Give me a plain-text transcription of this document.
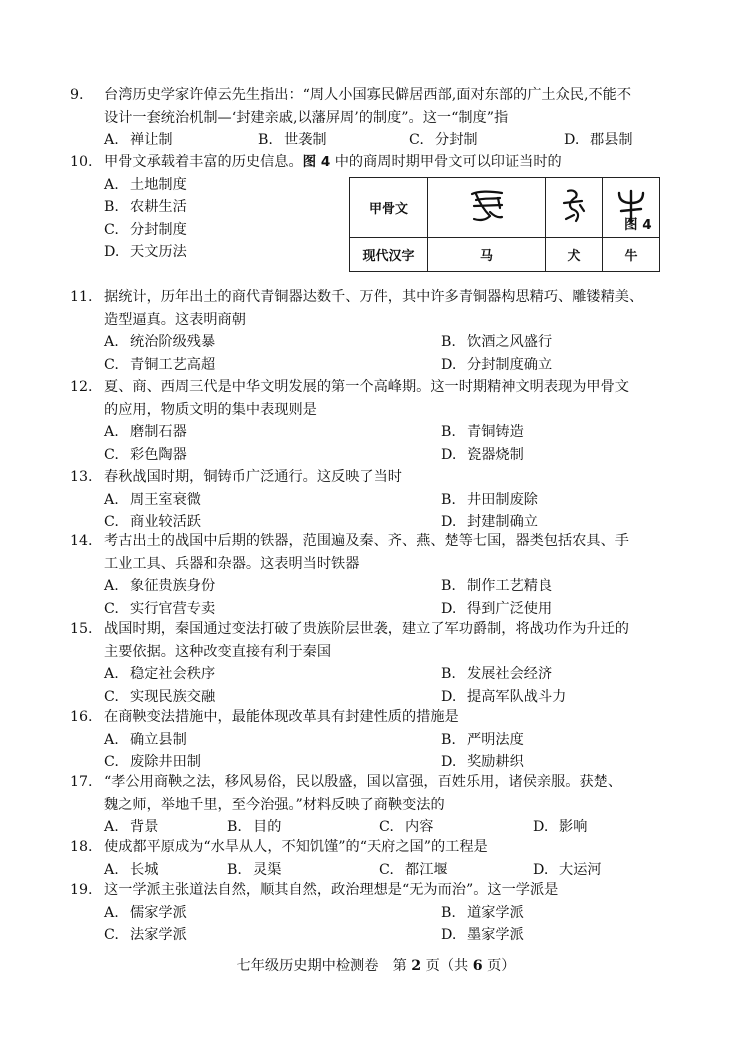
9. 台湾历史学家许倬云先生指出：“周人小国寡民僻居西部,面对东部的广土众民,不能不
设计一套统治机制—‘封建亲戚,以藩屏周’的制度”。这一“制度”指
A. 禅让制	B. 世袭制	C. 分封制	D. 郡县制
10. 甲骨文承载着丰富的历史信息。图 4 中的商周时期甲骨文可以印证当时的
A. 土地制度
B. 农耕生活
C. 分封制度
D. 天文历法
甲骨文			
现代汉字	马	犬	牛
图 4
11. 据统计，历年出土的商代青铜器达数千、万件，其中许多青铜器构思精巧、雕镂精美、
造型逼真。这表明商朝
A. 统治阶级残暴	B. 饮酒之风盛行
C. 青铜工艺高超	D. 分封制度确立
12. 夏、商、西周三代是中华文明发展的第一个高峰期。这一时期精神文明表现为甲骨文
的应用，物质文明的集中表现则是
A. 磨制石器	B. 青铜铸造
C. 彩色陶器	D. 瓷器烧制
13. 春秋战国时期，铜铸币广泛通行。这反映了当时
A. 周王室衰微	B. 井田制废除
C. 商业较活跃	D. 封建制确立
14. 考古出土的战国中后期的铁器，范围遍及秦、齐、燕、楚等七国，器类包括农具、手
工业工具、兵器和杂器。这表明当时铁器
A. 象征贵族身份	B. 制作工艺精良
C. 实行官营专卖	D. 得到广泛使用
15. 战国时期，秦国通过变法打破了贵族阶层世袭，建立了军功爵制，将战功作为升迁的
主要依据。这种改变直接有利于秦国
A. 稳定社会秩序	B. 发展社会经济
C. 实现民族交融	D. 提高军队战斗力
16. 在商鞅变法措施中，最能体现改革具有封建性质的措施是
A. 确立县制	B. 严明法度
C. 废除井田制	D. 奖励耕织
17. “孝公用商鞅之法，移风易俗，民以殷盛，国以富强，百姓乐用，诸侯亲服。获楚、
魏之师，举地千里，至今治强。”材料反映了商鞅变法的
A. 背景	B. 目的	C. 内容	D. 影响
18. 使成都平原成为“水旱从人，不知饥馑”的“天府之国”的工程是
A. 长城	B. 灵渠	C. 都江堰	D. 大运河
19. 这一学派主张道法自然，顺其自然，政治理想是“无为而治”。这一学派是
A. 儒家学派	B. 道家学派
C. 法家学派	D. 墨家学派
七年级历史期中检测卷　第 2 页（共 6 页）
